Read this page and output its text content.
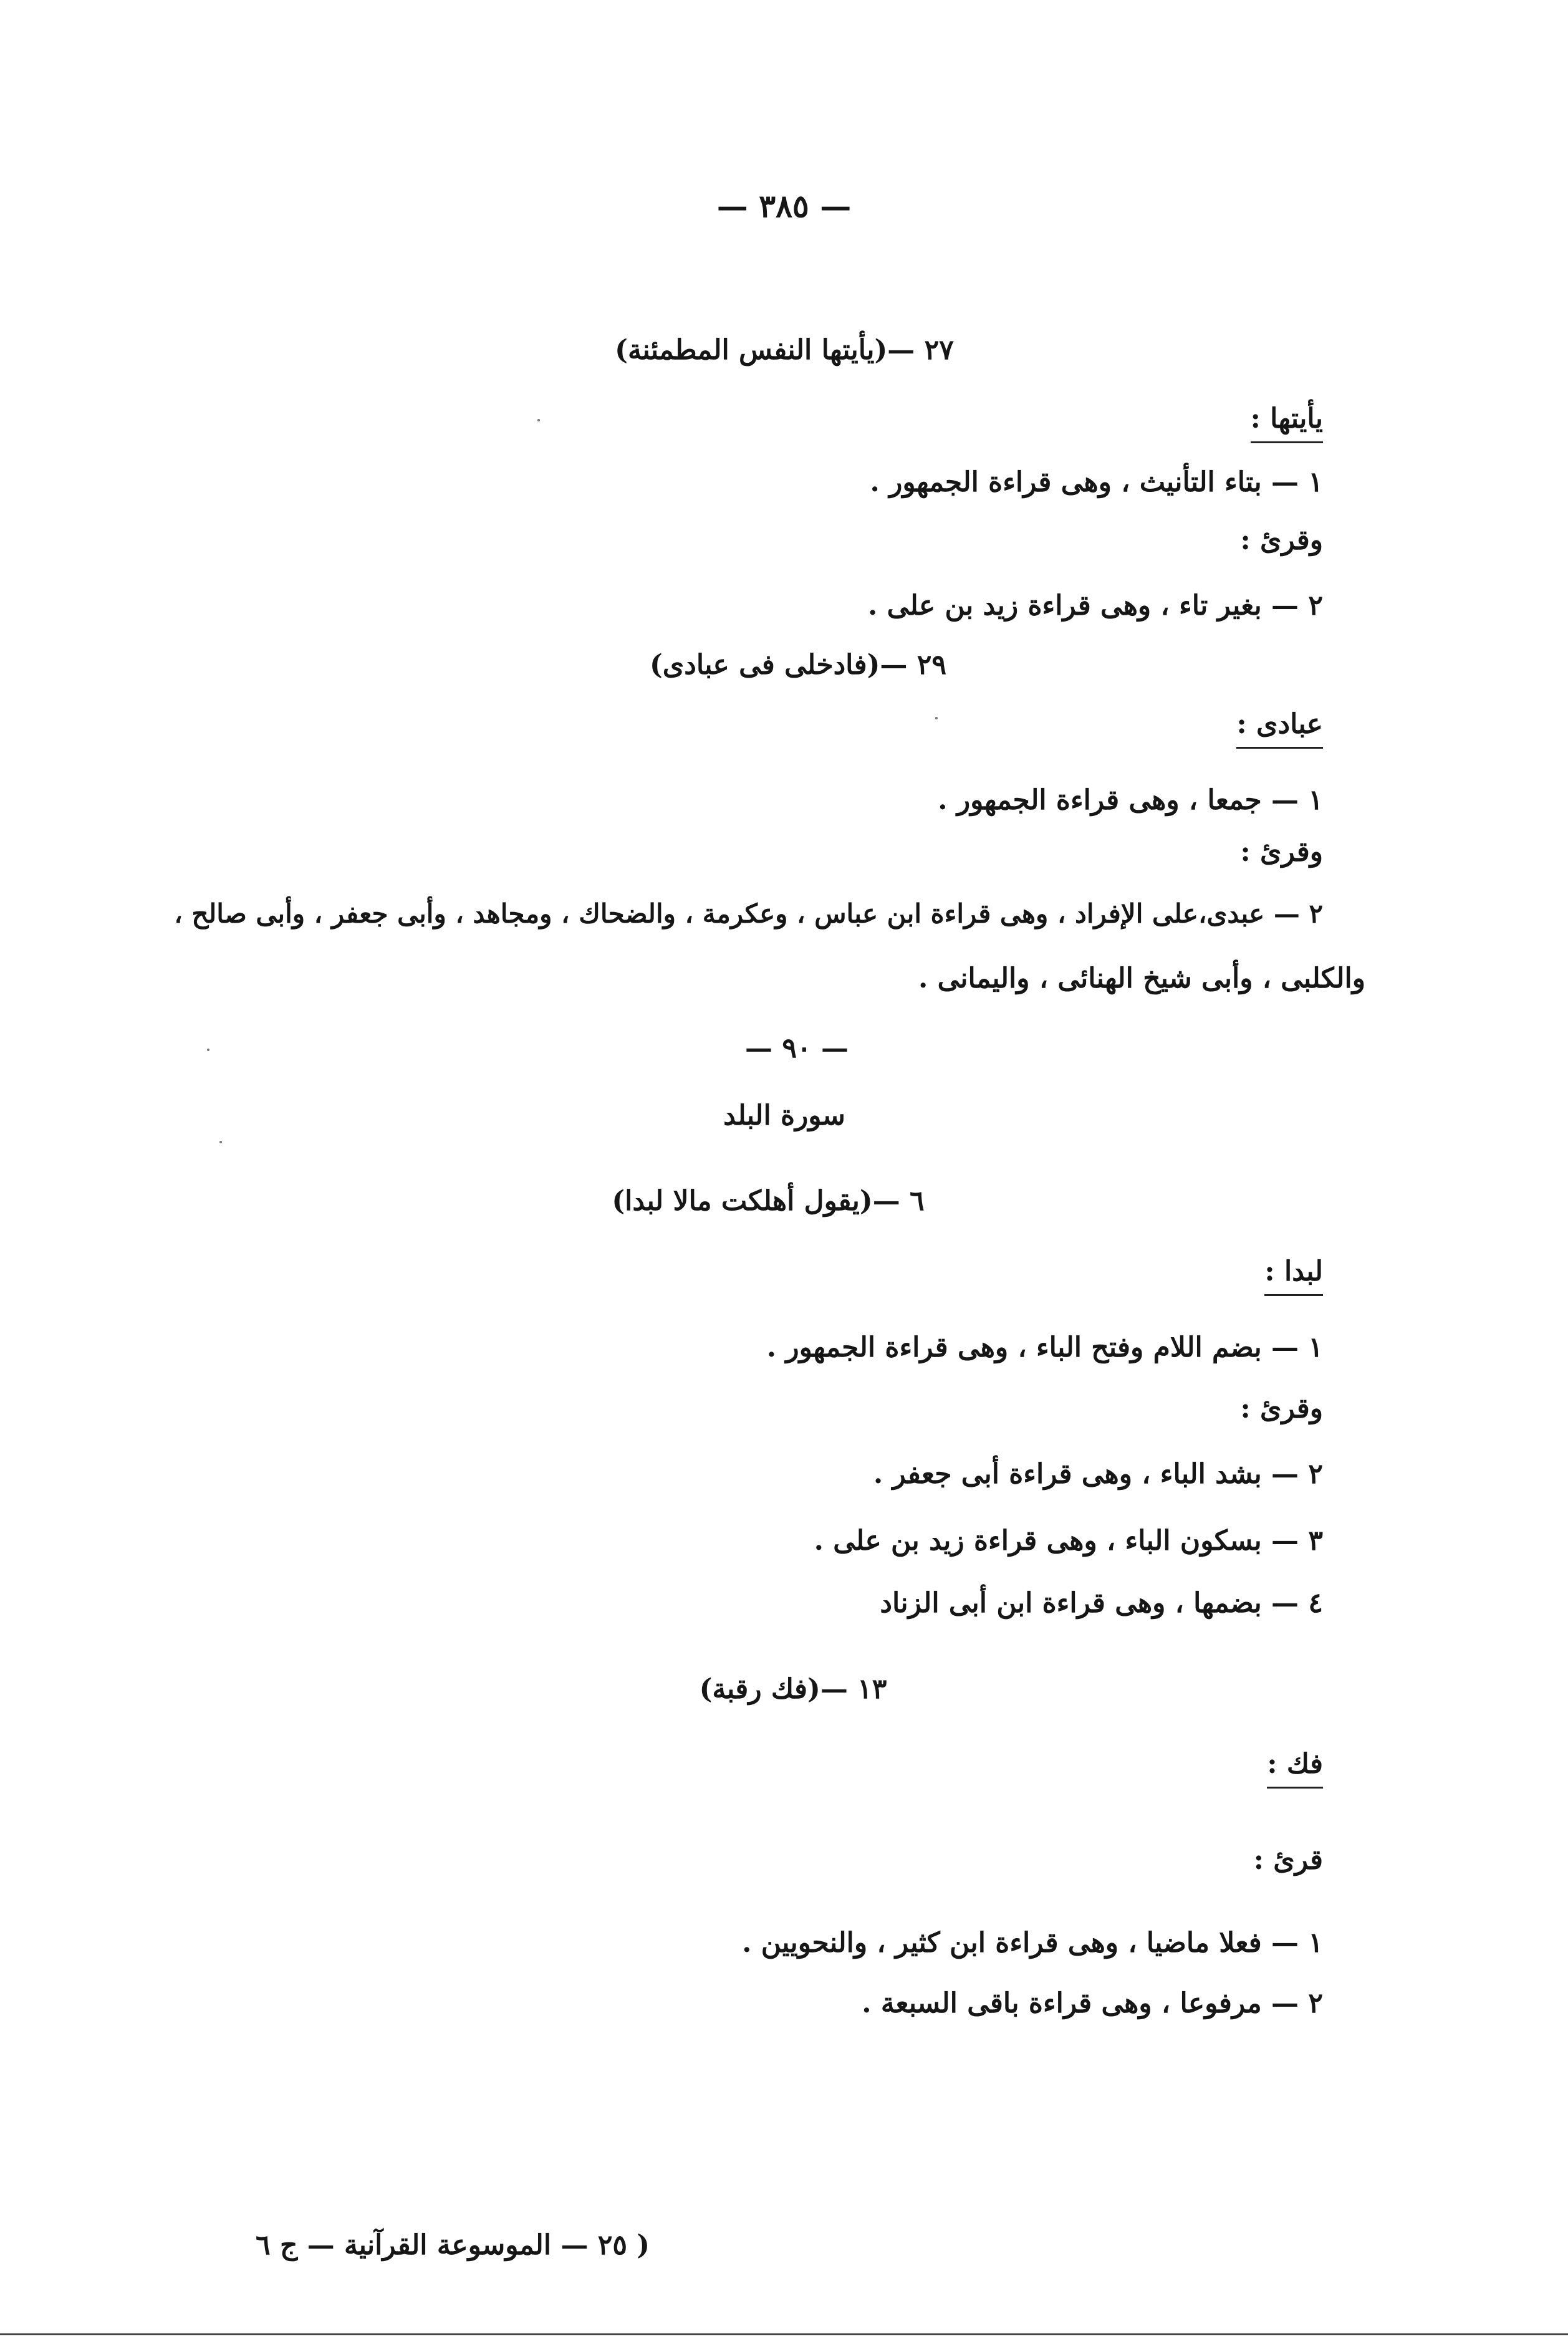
— ٣٨٥ —
٢٧ —(يأيتها النفس المطمئنة)
يأيتها :
١ — بتاء التأنيث ، وهى قراءة الجمهور .
وقرئ :
٢ — بغير تاء ، وهى قراءة زيد بن على .
٢٩ —(فادخلى فى عبادى)
عبادى :
١ — جمعا ، وهى قراءة الجمهور .
وقرئ :
٢ — عبدى،على الإفراد ، وهى قراءة ابن عباس ، وعكرمة ، والضحاك ، ومجاهد ، وأبى جعفر ، وأبى صالح ،
والكلبى ، وأبى شيخ الهنائى ، واليمانى .
— ٩٠ —
سورة البلد
٦ —(يقول أهلكت مالا لبدا)
لبدا :
١ — بضم اللام وفتح الباء ، وهى قراءة الجمهور .
وقرئ :
٢ — بشد الباء ، وهى قراءة أبى جعفر .
٣ — بسكون الباء ، وهى قراءة زيد بن على .
٤ — بضمها ، وهى قراءة ابن أبى الزناد
١٣ —(فك رقبة)
فك :
قرئ :
١ — فعلا ماضيا ، وهى قراءة ابن كثير ، والنحويين .
٢ — مرفوعا ، وهى قراءة باقى السبعة .
( ٢٥ — الموسوعة القرآنية — ج ٦
